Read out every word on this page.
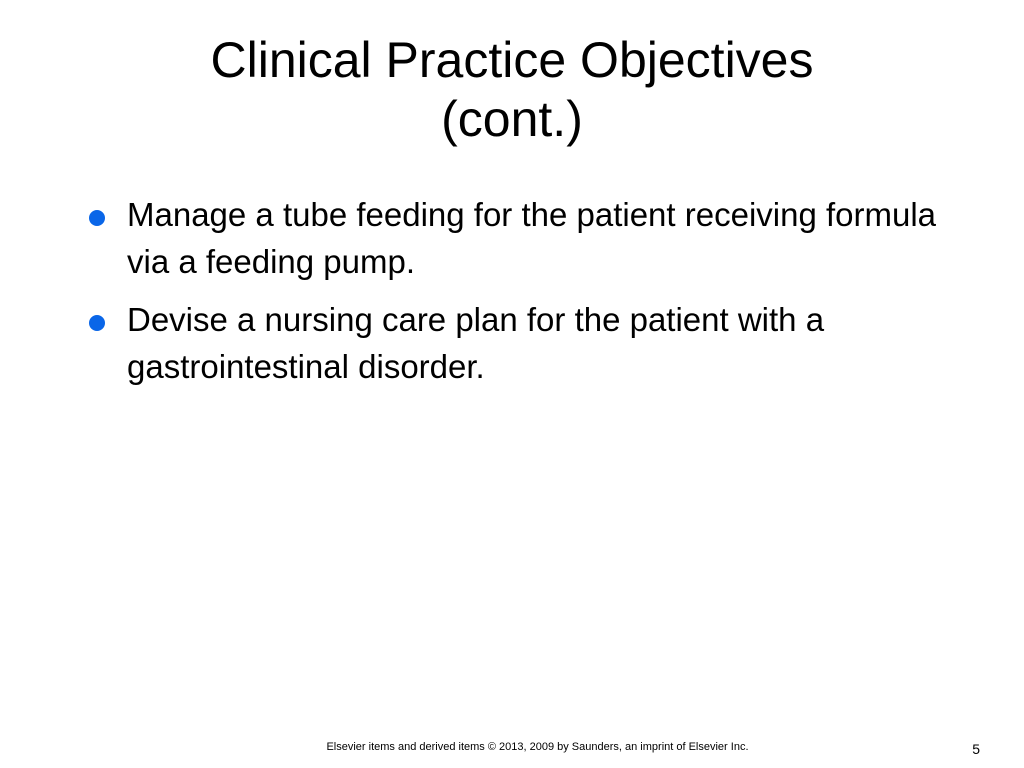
Clinical Practice Objectives
(cont.)
Manage a tube feeding for the patient receiving formula via a feeding pump.
Devise a nursing care plan for the patient with a gastrointestinal disorder.
Elsevier items and derived items © 2013, 2009 by Saunders, an imprint of Elsevier Inc.	5
